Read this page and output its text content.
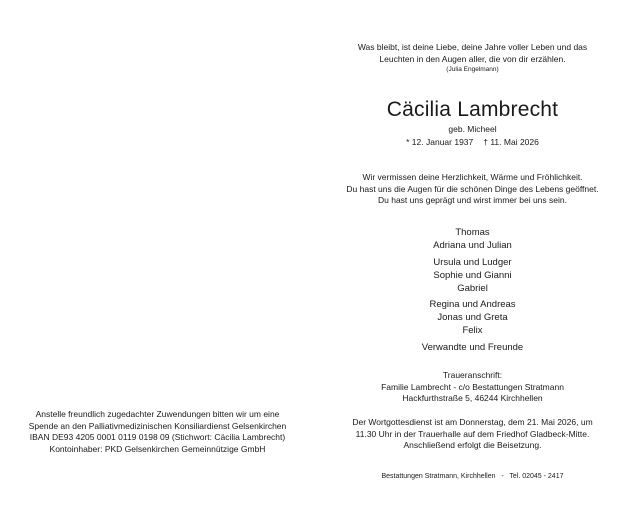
Anstelle freundlich zugedachter Zuwendungen bitten wir um eine
Spende an den Palliativmedizinischen Konsiliardienst Gelsenkirchen
IBAN DE93 4205 0001 0119 0198 09 (Stichwort: Cäcilia Lambrecht)
Kontoinhaber: PKD Gelsenkirchen Gemeinnützige GmbH
Was bleibt, ist deine Liebe, deine Jahre voller Leben und das
Leuchten in den Augen aller, die von dir erzählen.
(Julia Engelmann)
Cäcilia Lambrecht
geb. Micheel
* 12. Januar 1937 † 11. Mai 2026
Wir vermissen deine Herzlichkeit, Wärme und Fröhlichkeit.
Du hast uns die Augen für die schönen Dinge des Lebens geöffnet.
Du hast uns geprägt und wirst immer bei uns sein.
Thomas
Adriana und Julian
Ursula und Ludger
Sophie und Gianni
Gabriel
Regina und Andreas
Jonas und Greta
Felix
Verwandte und Freunde
Traueranschrift:
Familie Lambrecht - c/o Bestattungen Stratmann
Hackfurthstraße 5, 46244 Kirchhellen
Der Wortgottesdienst ist am Donnerstag, dem 21. Mai 2026, um
11.30 Uhr in der Trauerhalle auf dem Friedhof Gladbeck-Mitte.
Anschließend erfolgt die Beisetzung.
Bestattungen Stratmann, Kirchhellen   -   Tel. 02045 - 2417
